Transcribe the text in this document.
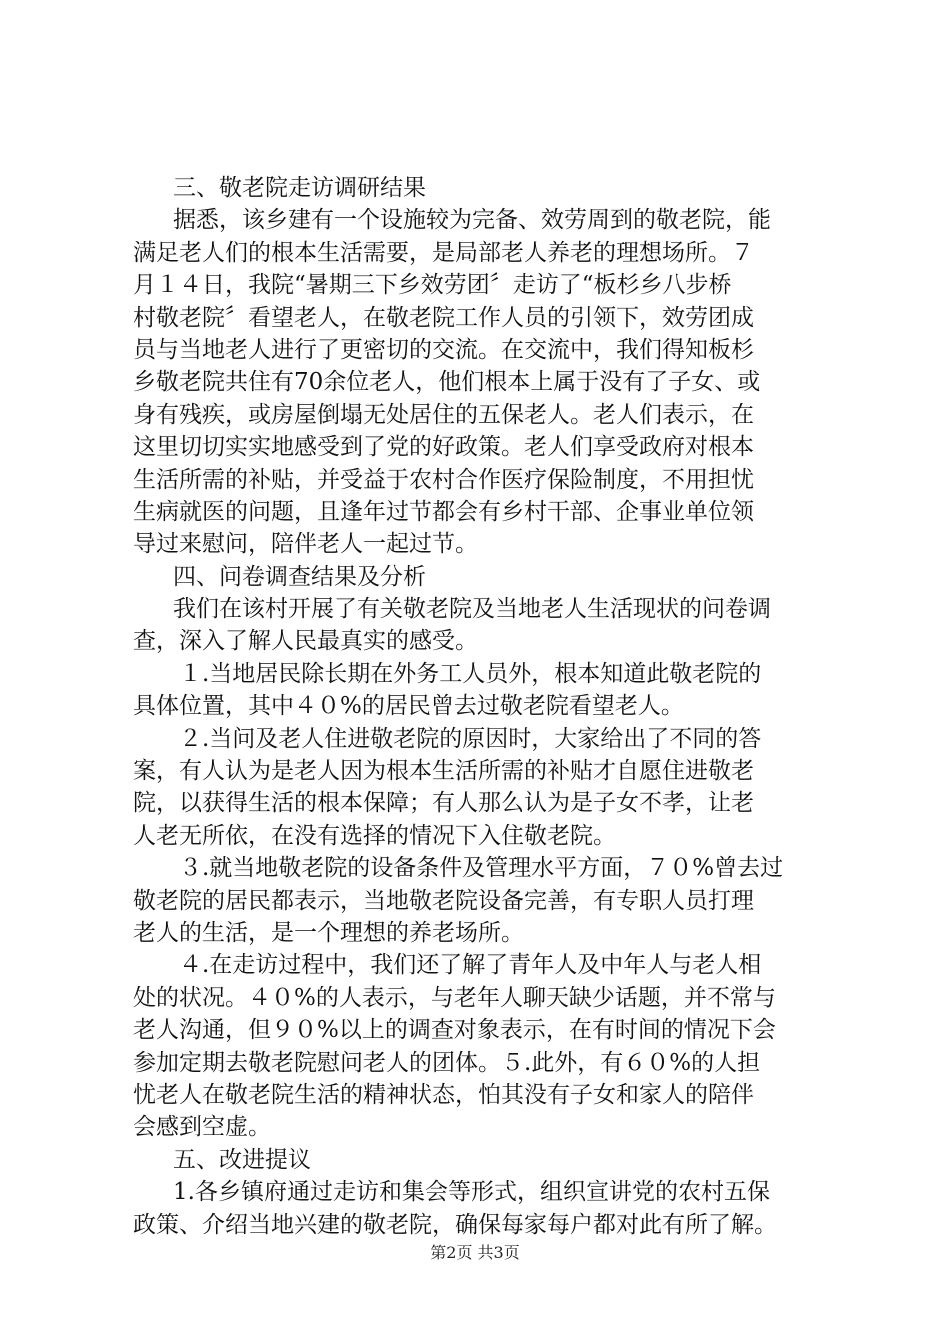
三、敬老院走访调研结果
据悉，该乡建有一个设施较为完备、效劳周到的敬老院，能
满足老人们的根本生活需要，是局部老人养老的理想场所。７
月１４日，我院“暑期三下乡效劳团〞走访了“板杉乡八步桥
村敬老院〞看望老人，在敬老院工作人员的引领下，效劳团成
员与当地老人进行了更密切的交流。在交流中，我们得知板杉
乡敬老院共住有70余位老人，他们根本上属于没有了子女、或
身有残疾，或房屋倒塌无处居住的五保老人。老人们表示，在
这里切切实实地感受到了党的好政策。老人们享受政府对根本
生活所需的补贴，并受益于农村合作医疗保险制度，不用担忧
生病就医的问题，且逢年过节都会有乡村干部、企事业单位领
导过来慰问，陪伴老人一起过节。
四、问卷调查结果及分析
我们在该村开展了有关敬老院及当地老人生活现状的问卷调
查，深入了解人民最真实的感受。
１.当地居民除长期在外务工人员外，根本知道此敬老院的
具体位置，其中４０%的居民曾去过敬老院看望老人。
２.当问及老人住进敬老院的原因时，大家给出了不同的答
案，有人认为是老人因为根本生活所需的补贴才自愿住进敬老
院，以获得生活的根本保障；有人那么认为是子女不孝，让老
人老无所依，在没有选择的情况下入住敬老院。
３.就当地敬老院的设备条件及管理水平方面，７０%曾去过
敬老院的居民都表示，当地敬老院设备完善，有专职人员打理
老人的生活，是一个理想的养老场所。
４.在走访过程中，我们还了解了青年人及中年人与老人相
处的状况。４０%的人表示，与老年人聊天缺少话题，并不常与
老人沟通，但９０%以上的调查对象表示，在有时间的情况下会
参加定期去敬老院慰问老人的团体。５.此外，有６０%的人担
忧老人在敬老院生活的精神状态，怕其没有子女和家人的陪伴
会感到空虚。
五、改进提议
1.各乡镇府通过走访和集会等形式，组织宣讲党的农村五保
政策、介绍当地兴建的敬老院，确保每家每户都对此有所了解。
第2页 共3页
